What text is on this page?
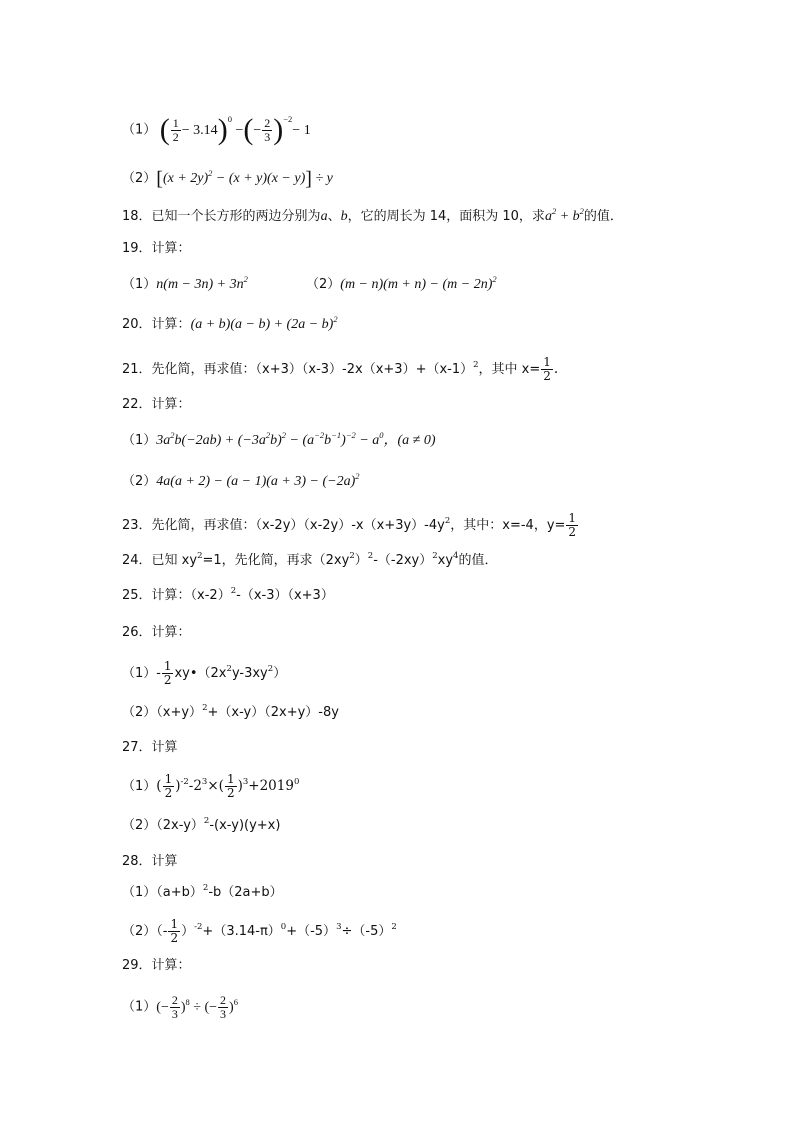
（1） ( $\frac{1}{2} - 3.14)^0$ −(− $\frac{2}{3} )^{-2}- 1$
$(2)[(x + 2y)^2 - (x + y)(x - y)] \div y$
18．已知一个长方形的两边分别为a、b，它的周长为 14，面积为 10，求$a^2 + b^2$的值．
19．计算：
$(1)n(m - 3n) + 3n^2$	$(2)(m - n)(m + n) - (m - 2n)^2$
20．计算：$(a + b)(a - b) + (2a - b)^2$
21．先化简，再求值：$(x+3)(x-3)-2x(x+3)+(x-1)^2$，其中 $x= \frac{1}{2}$ .
22．计算：
$(1)3a^2b(-2ab) + (-3a^2b)^2 - (a^{-2}b^{-1})^{-2} - a^0$，(a ≠ 0)
$(2)4a(a + 2) - (a - 1)(a + 3) - (-2a)^2$
23．先化简，再求值：$(x-2y)(x-2y)-x(x+3y)-4y^2$，其中：x=-4，$y= \frac{1}{2}$
24．已知 $xy^2=1$，先化简，再求$(2xy^2)^2-(-2xy)^2xy^4$的值．
25．计算：$(x-2)^2-(x-3)(x+3)$
26．计算：
$(1)- \frac{1}{2}$ $xy•(2x^2y-3xy^2)$
$(2)(x+y)^2+(x-y)(2x+y)-8y$
27．计算
$(1)( \frac{1}{2} )^{-2}-2^3\times( \frac{1}{2} )^3+2019^0$
$(2)(2x-y)^2-(x-y)(y+x)$
28．计算
$(1)(a+b)^2-b(2a+b)$
$(2)(- \frac{1}{2} )^{-2}+(3.14-\pi)^0+(-5)^3\div(-5)^2$
29．计算：
$(1)(- \frac{2}{3} )^8$ ÷ (− $\frac{2}{3} )^6$
